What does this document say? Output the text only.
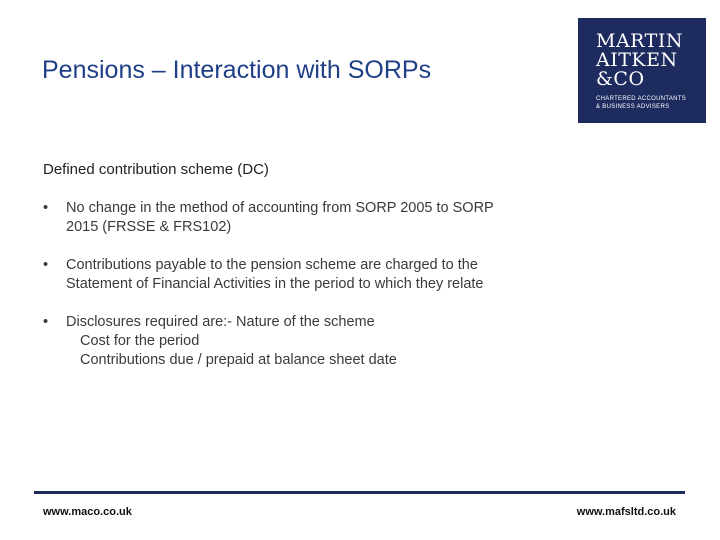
Pensions – Interaction with SORPs
MARTIN
AITKEN
&CO
CHARTERED ACCOUNTANTS
& BUSINESS ADVISERS
Defined contribution scheme (DC)
• No change in the method of accounting from SORP 2005 to SORP
2015 (FRSSE & FRS102)
• Contributions payable to the pension scheme are charged to the
Statement of Financial Activities in the period to which they relate
• Disclosures required are:- Nature of the scheme
Cost for the period
Contributions due / prepaid at balance sheet date
www.maco.co.uk	www.mafsltd.co.uk
